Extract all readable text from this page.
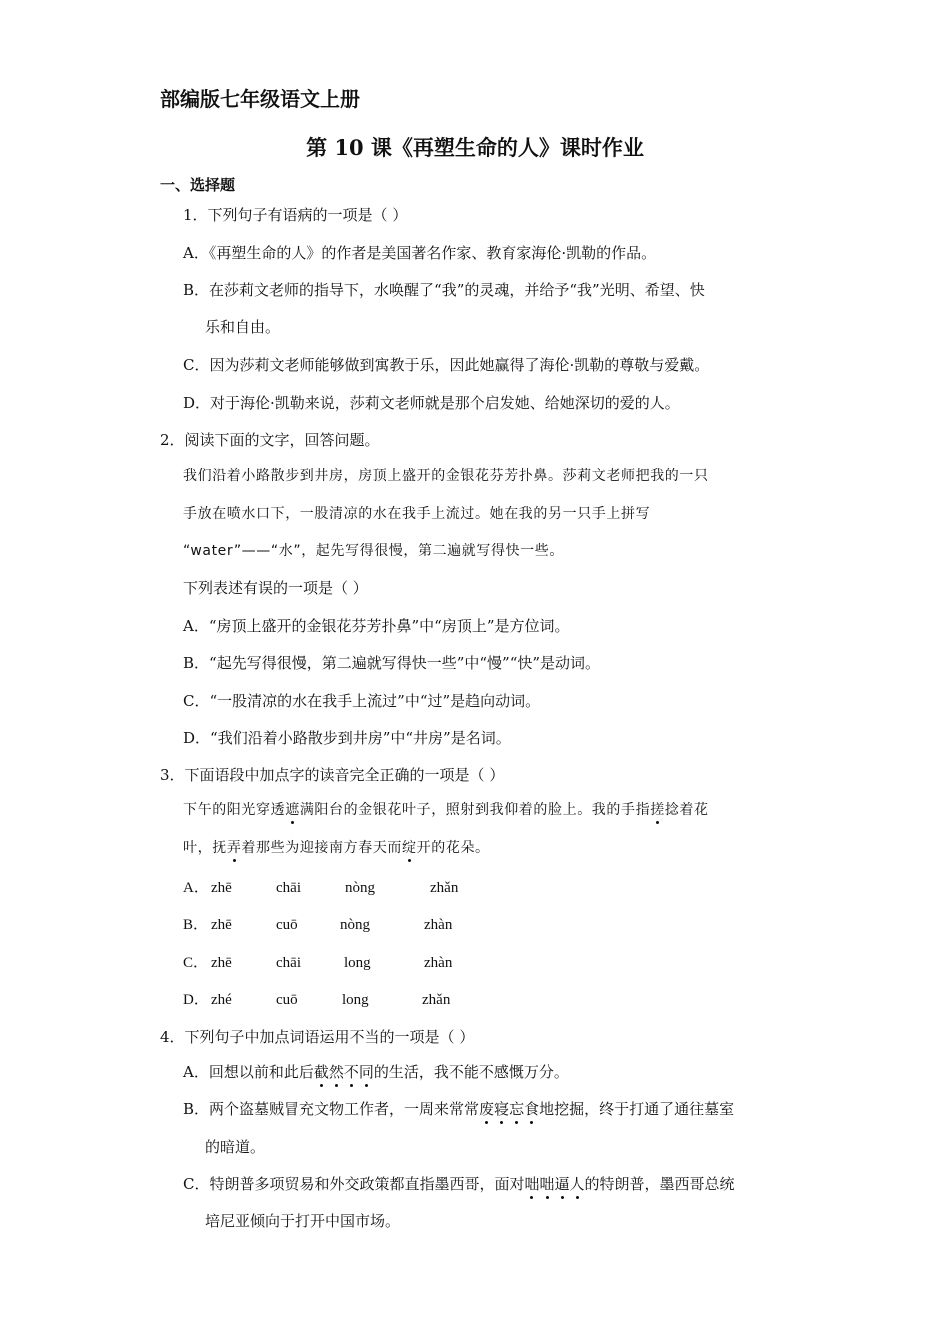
部编版七年级语文上册
第 10 课《再塑生命的人》课时作业
一、选择题
1．下列句子有语病的一项是（ ）
A．《再塑生命的人》的作者是美国著名作家、教育家海伦·凯勒的作品。
B．在莎莉文老师的指导下，水唤醒了“我”的灵魂，并给予“我”光明、希望、快
乐和自由。
C．因为莎莉文老师能够做到寓教于乐，因此她赢得了海伦·凯勒的尊敬与爱戴。
D．对于海伦·凯勒来说，莎莉文老师就是那个启发她、给她深切的爱的人。
2．阅读下面的文字，回答问题。
我们沿着小路散步到井房，房顶上盛开的金银花芬芳扑鼻。莎莉文老师把我的一只
手放在喷水口下，一股清凉的水在我手上流过。她在我的另一只手上拼写
“water”——“水”，起先写得很慢，第二遍就写得快一些。
下列表述有误的一项是（ ）
A．“房顶上盛开的金银花芬芳扑鼻”中“房顶上”是方位词。
B．“起先写得很慢，第二遍就写得快一些”中“慢”“快”是动词。
C．“一股清凉的水在我手上流过”中“过”是趋向动词。
D．“我们沿着小路散步到井房”中“井房”是名词。
3．下面语段中加点字的读音完全正确的一项是（ ）
下午的阳光穿透遮满阳台的金银花叶子，照射到我仰着的脸上。我的手指搓捻着花
叶，抚弄着那些为迎接南方春天而绽开的花朵。
A． zhē	chāi	nòng	zhǎn
B． zhē	cuō	nòng	zhàn
C． zhē	chāi	long	zhàn
D． zhé	cuō	long	zhǎn
4．下列句子中加点词语运用不当的一项是（ ）
A．回想以前和此后截然不同的生活，我不能不感慨万分。
B．两个盗墓贼冒充文物工作者，一周来常常废寝忘食地挖掘，终于打通了通往墓室
的暗道。
C．特朗普多项贸易和外交政策都直指墨西哥，面对咄咄逼人的特朗普，墨西哥总统
培尼亚倾向于打开中国市场。
